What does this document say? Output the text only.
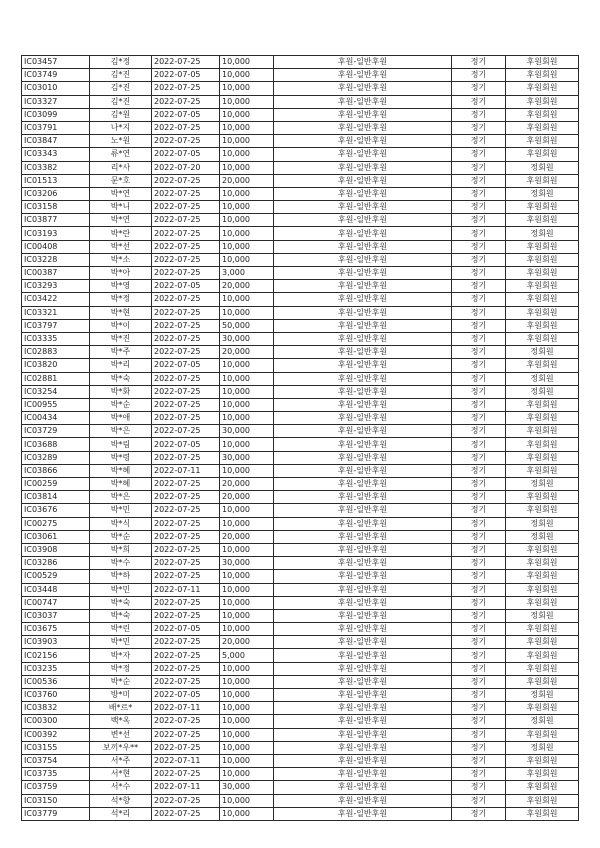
IC03457	김*정	2022-07-25	10,000	후원-일반후원	정기	후원회원
IC03749	김*진	2022-07-05	10,000	후원-일반후원	정기	후원회원
IC03010	김*진	2022-07-25	10,000	후원-일반후원	정기	후원회원
IC03327	김*진	2022-07-25	10,000	후원-일반후원	정기	후원회원
IC03099	김*원	2022-07-05	10,000	후원-일반후원	정기	후원회원
IC03791	나*지	2022-07-25	10,000	후원-일반후원	정기	후원회원
IC03847	노*원	2022-07-25	10,000	후원-일반후원	정기	후원회원
IC03343	류*연	2022-07-05	10,000	후원-일반후원	정기	후원회원
IC03382	리*사	2022-07-20	10,000	후원-일반후원	정기	정회원
IC01513	문*호	2022-07-25	20,000	후원-일반후원	정기	후원회원
IC03206	박*연	2022-07-25	10,000	후원-일반후원	정기	정회원
IC03158	박*니	2022-07-25	10,000	후원-일반후원	정기	후원회원
IC03877	박*연	2022-07-25	10,000	후원-일반후원	정기	후원회원
IC03193	박*란	2022-07-25	10,000	후원-일반후원	정기	정회원
IC00408	박*선	2022-07-25	10,000	후원-일반후원	정기	후원회원
IC03228	박*소	2022-07-25	10,000	후원-일반후원	정기	후원회원
IC00387	박*아	2022-07-25	3,000	후원-일반후원	정기	후원회원
IC03293	박*영	2022-07-05	20,000	후원-일반후원	정기	후원회원
IC03422	박*정	2022-07-25	10,000	후원-일반후원	정기	후원회원
IC03321	박*현	2022-07-25	10,000	후원-일반후원	정기	후원회원
IC03797	박*이	2022-07-25	50,000	후원-일반후원	정기	후원회원
IC03335	박*진	2022-07-25	30,000	후원-일반후원	정기	후원회원
IC02883	박*주	2022-07-25	20,000	후원-일반후원	정기	정회원
IC03820	박*리	2022-07-05	10,000	후원-일반후원	정기	후원회원
IC02881	박*숙	2022-07-25	10,000	후원-일반후원	정기	정회원
IC03254	박*화	2022-07-25	10,000	후원-일반후원	정기	정회원
IC00955	박*순	2022-07-25	10,000	후원-일반후원	정기	후원회원
IC00434	박*애	2022-07-25	10,000	후원-일반후원	정기	후원회원
IC03729	박*은	2022-07-25	30,000	후원-일반후원	정기	후원회원
IC03688	박*림	2022-07-05	10,000	후원-일반후원	정기	후원회원
IC03289	박*령	2022-07-25	30,000	후원-일반후원	정기	후원회원
IC03866	박*혜	2022-07-11	10,000	후원-일반후원	정기	후원회원
IC00259	박*혜	2022-07-25	20,000	후원-일반후원	정기	정회원
IC03814	박*은	2022-07-25	20,000	후원-일반후원	정기	후원회원
IC03676	박*민	2022-07-25	10,000	후원-일반후원	정기	후원회원
IC00275	박*식	2022-07-25	10,000	후원-일반후원	정기	정회원
IC03061	박*순	2022-07-25	20,000	후원-일반후원	정기	정회원
IC03908	박*희	2022-07-25	10,000	후원-일반후원	정기	후원회원
IC03286	박*수	2022-07-25	30,000	후원-일반후원	정기	후원회원
IC00529	박*하	2022-07-25	10,000	후원-일반후원	정기	후원회원
IC03448	박*민	2022-07-11	10,000	후원-일반후원	정기	후원회원
IC00747	박*숙	2022-07-25	10,000	후원-일반후원	정기	후원회원
IC03037	박*숙	2022-07-25	10,000	후원-일반후원	정기	정회원
IC03675	박*린	2022-07-05	10,000	후원-일반후원	정기	후원회원
IC03903	박*민	2022-07-25	20,000	후원-일반후원	정기	후원회원
IC02156	박*자	2022-07-25	5,000	후원-일반후원	정기	후원회원
IC03235	박*정	2022-07-25	10,000	후원-일반후원	정기	후원회원
IC00536	박*순	2022-07-25	10,000	후원-일반후원	정기	후원회원
IC03760	방*미	2022-07-05	10,000	후원-일반후원	정기	정회원
IC03832	배*르*	2022-07-11	10,000	후원-일반후원	정기	후원회원
IC00300	백*옥	2022-07-25	10,000	후원-일반후원	정기	정회원
IC00392	변*선	2022-07-25	10,000	후원-일반후원	정기	후원회원
IC03155	보끼*우**	2022-07-25	10,000	후원-일반후원	정기	정회원
IC03754	서*주	2022-07-11	10,000	후원-일반후원	정기	후원회원
IC03735	서*현	2022-07-25	10,000	후원-일반후원	정기	후원회원
IC03759	서*수	2022-07-11	30,000	후원-일반후원	정기	후원회원
IC03150	석*향	2022-07-25	10,000	후원-일반후원	정기	후원회원
IC03779	석*리	2022-07-25	10,000	후원-일반후원	정기	후원회원
